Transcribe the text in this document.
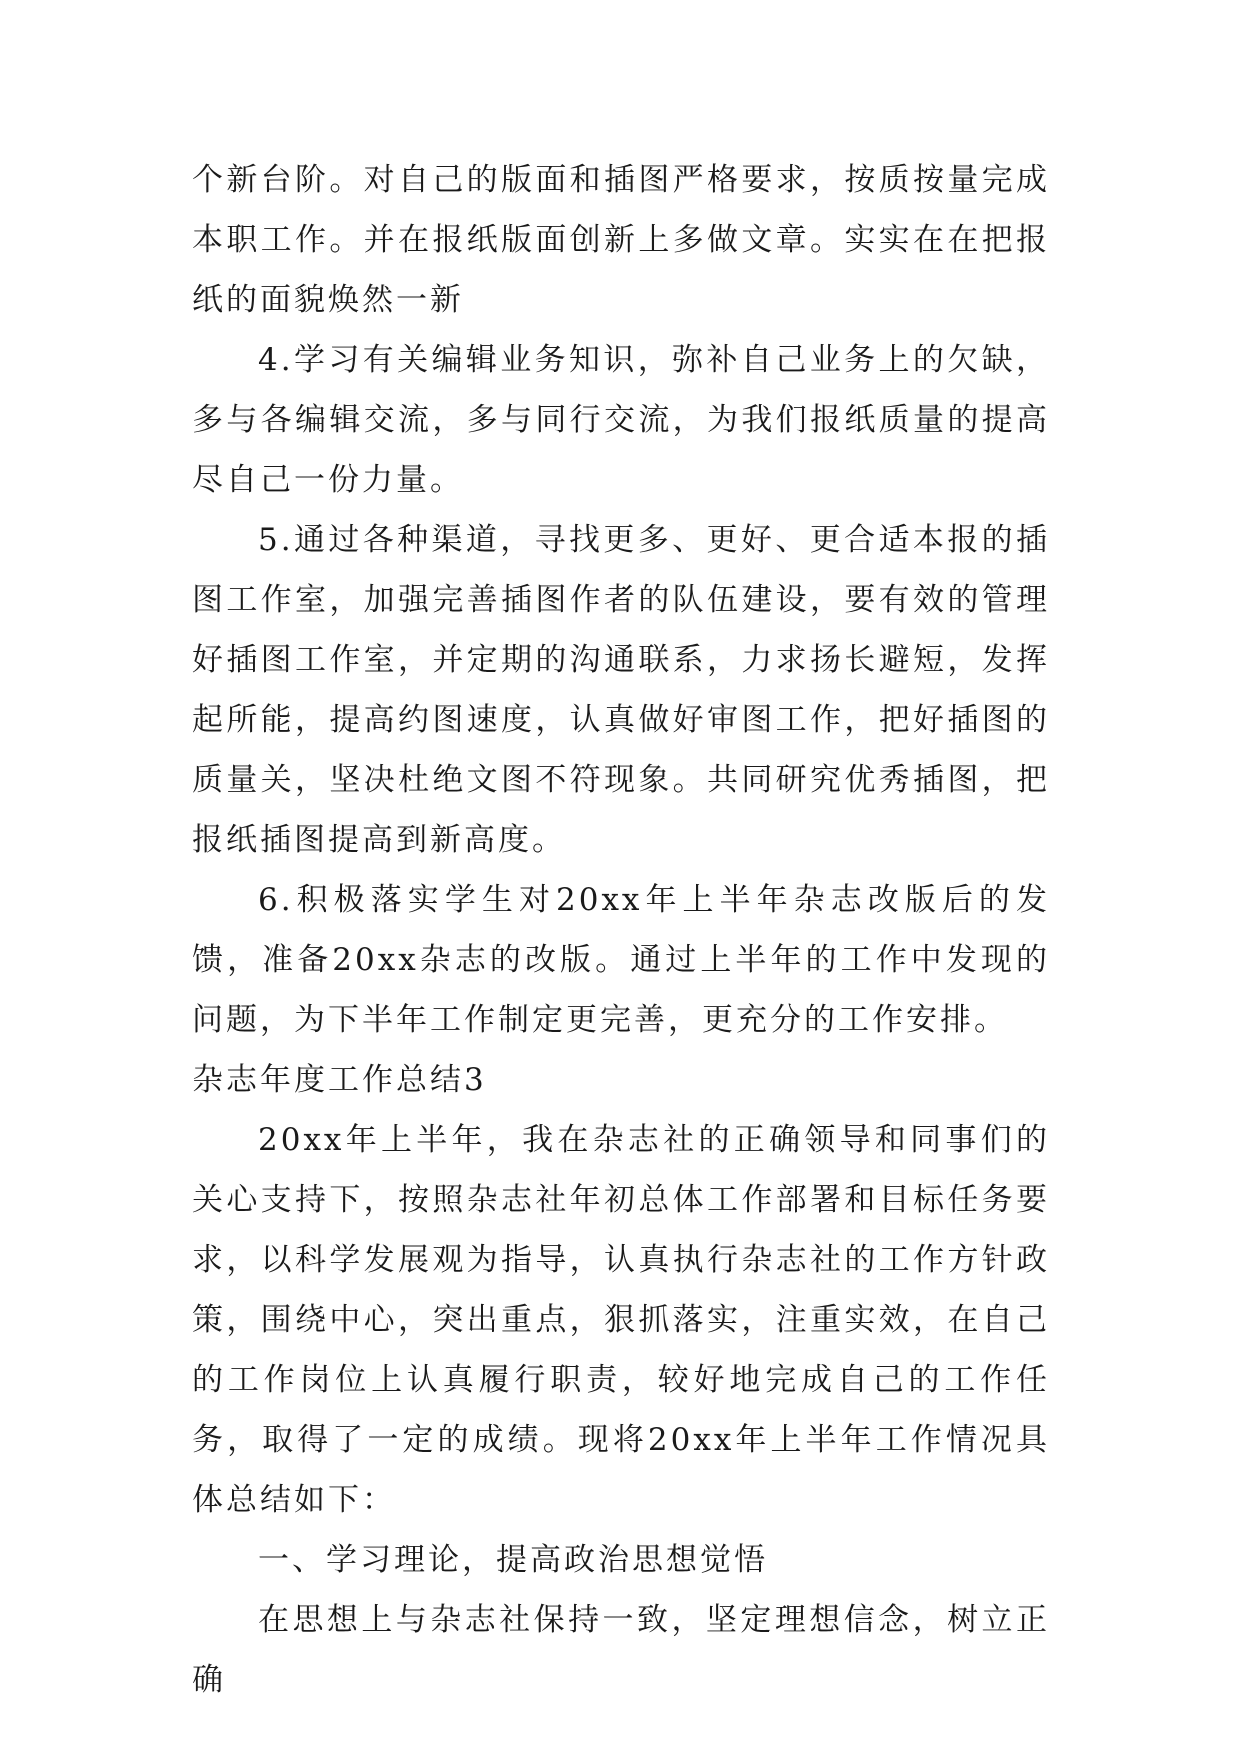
个新台阶。对自己的版面和插图严格要求，按质按量完成本职工作。并在报纸版面创新上多做文章。实实在在把报纸的面貌焕然一新

4.学习有关编辑业务知识，弥补自己业务上的欠缺，多与各编辑交流，多与同行交流，为我们报纸质量的提高尽自己一份力量。

5.通过各种渠道，寻找更多、更好、更合适本报的插图工作室，加强完善插图作者的队伍建设，要有效的管理好插图工作室，并定期的沟通联系，力求扬长避短，发挥起所能，提高约图速度，认真做好审图工作，把好插图的质量关，坚决杜绝文图不符现象。共同研究优秀插图，把报纸插图提高到新高度。

6.积极落实学生对20xx年上半年杂志改版后的发馈，准备20xx杂志的改版。通过上半年的工作中发现的问题，为下半年工作制定更完善，更充分的工作安排。

杂志年度工作总结3

20xx年上半年，我在杂志社的正确领导和同事们的关心支持下，按照杂志社年初总体工作部署和目标任务要求，以科学发展观为指导，认真执行杂志社的工作方针政策，围绕中心，突出重点，狠抓落实，注重实效，在自己的工作岗位上认真履行职责，较好地完成自己的工作任务，取得了一定的成绩。现将20xx年上半年工作情况具体总结如下：

一、学习理论，提高政治思想觉悟

在思想上与杂志社保持一致，坚定理想信念，树立正确
